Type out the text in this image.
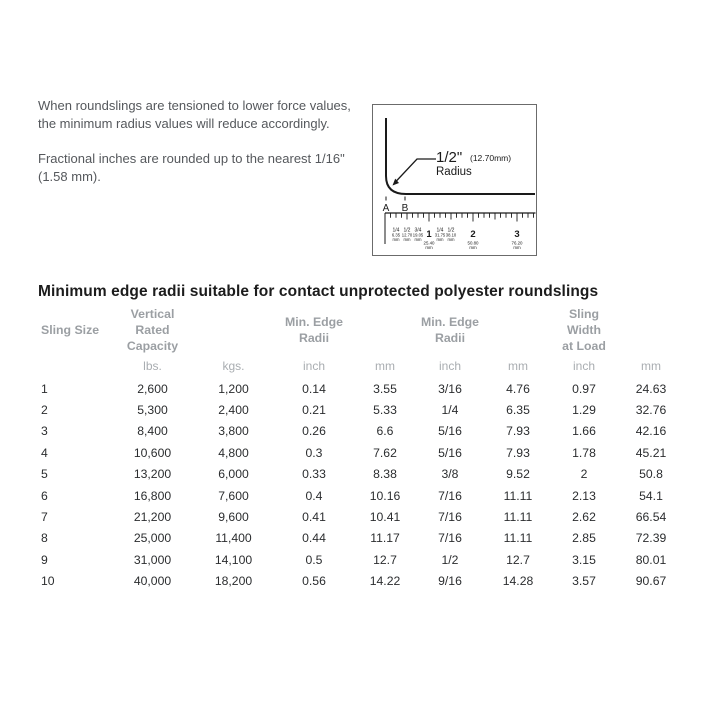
When roundslings are tensioned to lower force values,
the minimum radius values will reduce accordingly.

Fractional inches are rounded up to the nearest 1/16"
(1.58 mm).

1/2" (12.70mm)
Radius
A B
1/4
6.35
mm
1/2
12.70
mm
3/4
19.05
mm 1
25.40
mm
1/4
31.75
mm
1/2
38.10
mm 2
50.80
mm
3
76.20
mm
Minimum edge radii suitable for contact unprotected polyester roundslings
Sling Size

Vertical Rated
Capacity

Min. Edge
Radii

Min. Edge
Radii

Sling Width
at Load

	lbs.	kgs.	inch	mm	inch	mm	inch	mm
1	2,600	1,200	0.14	3.55	3/16	4.76	0.97	24.63
2	5,300	2,400	0.21	5.33	1/4	6.35	1.29	32.76
3	8,400	3,800	0.26	6.6	5/16	7.93	1.66	42.16
4	10,600	4,800	0.3	7.62	5/16	7.93	1.78	45.21
5	13,200	6,000	0.33	8.38	3/8	9.52	2	50.8
6	16,800	7,600	0.4	10.16	7/16	11.11	2.13	54.1
7	21,200	9,600	0.41	10.41	7/16	11.11	2.62	66.54
8	25,000	11,400	0.44	11.17	7/16	11.11	2.85	72.39
9	31,000	14,100	0.5	12.7	1/2	12.7	3.15	80.01
10	40,000	18,200	0.56	14.22	9/16	14.28	3.57	90.67
